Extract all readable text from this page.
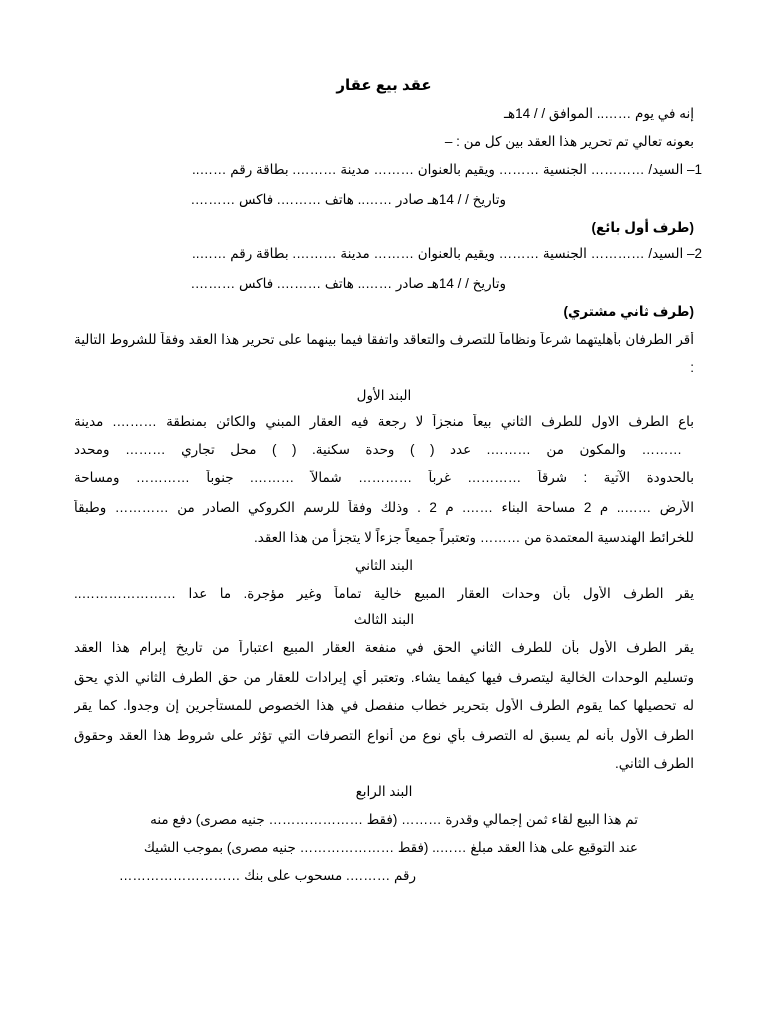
عقد بيع عقار
إنه في يوم …….. الموافق / / 14هـ
بعونه تعالي تم تحرير هذا العقد بين كل من : –
1– السيد/ ………… الجنسية ……… ويقيم بالعنوان ……… مدينة ………. بطاقة رقم ……..
وتاريخ / / 14هـ صادر …….. هاتف ………. فاكس ……….
(طرف أول بائع)
2– السيد/ ………… الجنسية ……… ويقيم بالعنوان ……… مدينة ………. بطاقة رقم ……..
وتاريخ / / 14هـ صادر …….. هاتف ………. فاكس ……….
(طرف ثاني مشتري)
أقر الطرفان بأهليتهما شرعاً ونظاماً للتصرف والتعاقد واتفقا فيما بينهما على تحرير هذا العقد وفقاً للشروط التالية
:
البند الأول
باع الطرف الاول للطرف الثاني بيعاً منجزاً لا رجعة فيه العقار المبني والكائن بمنطقة ………. مدينة
……… والمكون من ………. عدد ( ) وحدة سكنية. ( ) محل تجاري ……… ومحدد
بالحدودة الآتية : شرقاً ………… غرباً ………… شمالاً ………. جنوباً ………… ومساحة
الأرض …….. م 2 مساحة البناء ……. م 2 . وذلك وفقاً للرسم الكروكي الصادر من ………… وطبقاً
للخرائط الهندسية المعتمدة من ……… وتعتبراً جميعاً جزءاً لا يتجزأ من هذا العقد.
البند الثاني
يقر الطرف الأول بأن وحدات العقار المبيع خالية تماماً وغير مؤجرة. ما عدا …………………..
البند الثالث
يقر الطرف الأول بأن للطرف الثاني الحق في منفعة العقار المبيع اعتباراً من تاريخ إبرام هذا العقد
وتسليم الوحدات الخالية ليتصرف فيها كيفما يشاء. وتعتبر أي إيرادات للعقار من حق الطرف الثاني الذي يحق
له تحصيلها كما يقوم الطرف الأول بتحرير خطاب منفصل في هذا الخصوص للمستأجرين إن وجدوا. كما يقر
الطرف الأول بأنه لم يسبق له التصرف بأي نوع من أنواع التصرفات التي تؤثر على شروط هذا العقد وحقوق
الطرف الثاني.
البند الرابع
تم هذا البيع لقاء ثمن إجمالي وقدرة ……… (فقط ………………… جنيه مصرى) دفع منه
عند التوقيع على هذا العقد مبلغ …….. (فقط ………………… جنيه مصرى) بموجب الشيك
رقم ………. مسحوب على بنك ………………………
